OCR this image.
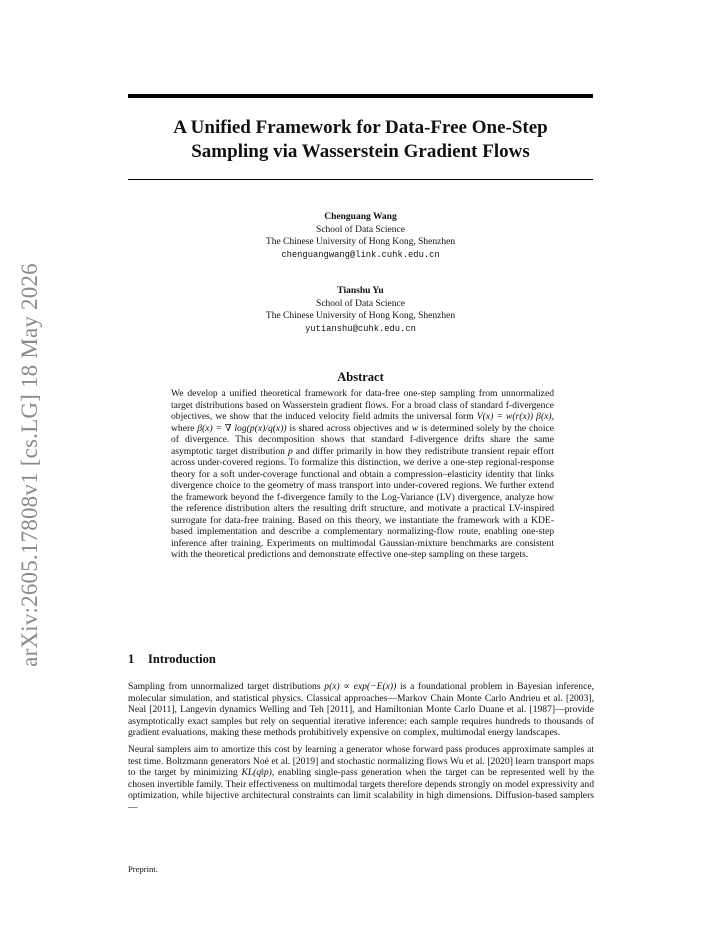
arXiv:2605.17808v1 [cs.LG] 18 May 2026
A Unified Framework for Data-Free One-Step
Sampling via Wasserstein Gradient Flows
Chenguang Wang
School of Data Science
The Chinese University of Hong Kong, Shenzhen
chenguangwang@link.cuhk.edu.cn
Tianshu Yu
School of Data Science
The Chinese University of Hong Kong, Shenzhen
yutianshu@cuhk.edu.cn
Abstract

We develop a unified theoretical framework for data-free one-step sampling from unnormalized target distributions based on Wasserstein gradient flows. For a broad class of standard f-divergence objectives, we show that the induced velocity field admits the universal form V(x) = w(r(x)) β(x), where β(x) = ∇ log(p(x)/q(x)) is shared across objectives and w is determined solely by the choice of divergence. This decomposition shows that standard f-divergence drifts share the same asymptotic target distribution p and differ primarily in how they redistribute transient repair effort across under-covered regions. To formalize this distinction, we derive a one-step regional-response theory for a soft under-coverage functional and obtain a compression–elasticity identity that links divergence choice to the geometry of mass transport into under-covered regions. We further extend the framework beyond the f-divergence family to the Log-Variance (LV) divergence, analyze how the reference distribution alters the resulting drift structure, and motivate a practical LV-inspired surrogate for data-free training. Based on this theory, we instantiate the framework with a KDE-based implementation and describe a complementary normalizing-flow route, enabling one-step inference after training. Experiments on multimodal Gaussian-mixture benchmarks are consistent with the theoretical predictions and demonstrate effective one-step sampling on these targets.

1 Introduction

Sampling from unnormalized target distributions p(x) ∝ exp(−E(x)) is a foundational problem in Bayesian inference, molecular simulation, and statistical physics. Classical approaches—Markov Chain Monte Carlo Andrieu et al. [2003], Neal [2011], Langevin dynamics Welling and Teh [2011], and Hamiltonian Monte Carlo Duane et al. [1987]—provide asymptotically exact samples but rely on sequential iterative inference: each sample requires hundreds to thousands of gradient evaluations, making these methods prohibitively expensive on complex, multimodal energy landscapes.

Neural samplers aim to amortize this cost by learning a generator whose forward pass produces approximate samples at test time. Boltzmann generators Noé et al. [2019] and stochastic normalizing flows Wu et al. [2020] learn transport maps to the target by minimizing KL(q‖p), enabling single-pass generation when the target can be represented well by the chosen invertible family. Their effectiveness on multimodal targets therefore depends strongly on model expressivity and optimization, while bijective architectural constraints can limit scalability in high dimensions. Diffusion-based samplers—

Preprint.
